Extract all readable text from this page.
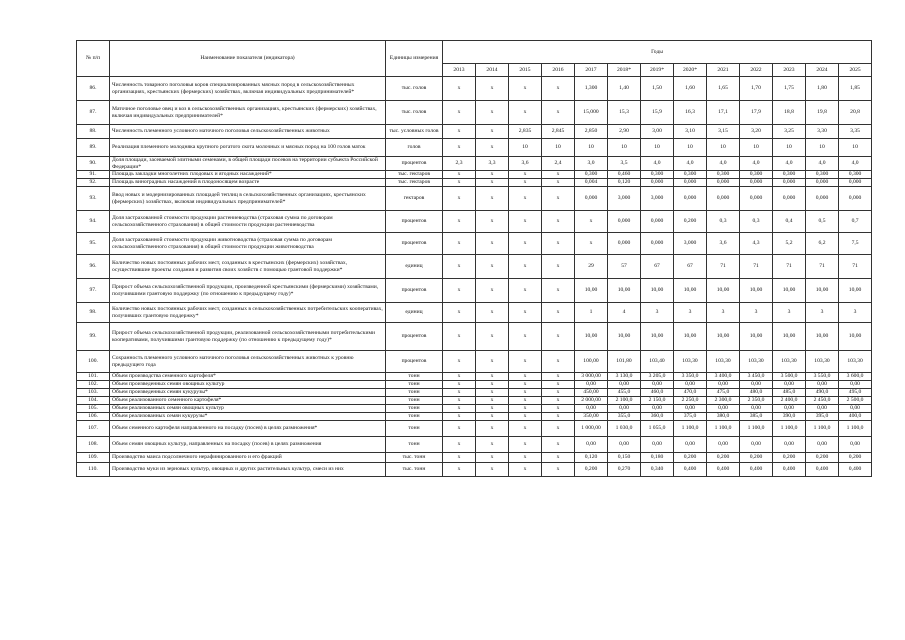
№ п/п	Наименование показателя (индикатора)	Единицы измерения	Годы												
			2013	2014	2015	2016	2017	2018*	2019*	2020*	2021	2022	2023	2024	2025
86.	Численность товарного поголовья коров специализированных мясных пород в сельскохозяйственных организациях, крестьянских (фермерских) хозяйствах, включая индивидуальных предпринимателей*	тыс. голов	х	х	х	х	1,300	1,40	1,50	1,60	1,65	1,70	1,75	1,80	1,85
87.	Маточное поголовье овец и коз в сельскохозяйственных организациях, крестьянских (фермерских) хозяйствах, включая индивидуальных предпринимателей*	тыс. голов	х	х	х	х	15,000	15,3	15,9	16,3	17,1	17,9	18,8	19,8	20,8
88.	Численность племенного условного маточного поголовья сельскохозяйственных животных	тыс. условных голов	х	х	2,835	2,845	2,850	2,90	3,00	3,10	3,15	3,20	3,25	3,30	3,35
89.	Реализация племенного молодняка крупного рогатого скота молочных и мясных пород на 100 голов маток	голов	х	х	10	10	10	10	10	10	10	10	10	10	10
90.	Доля площади, засеваемой элитными семенами, в общей площади посевов на территории субъекта Российской Федерации*	процентов	2,3	3,3	3,6	2,4	3,0	3,5	4,0	4,0	4,0	4,0	4,0	4,0	4,0
91.	Площадь закладки многолетних плодовых и ягодных насаждений*	тыс. гектаров	х	х	х	х	0,300	0,460	0,300	0,300	0,300	0,300	0,300	0,300	0,300
92.	Площадь виноградных насаждений в плодоносящем возрасте	тыс. гектаров	х	х	х	х	0,004	0,120	0,000	0,000	0,000	0,000	0,000	0,000	0,000
93.	Ввод новых и модернизированных площадей теплиц в сельскохозяйственных организациях, крестьянских (фермерских) хозяйствах, включая индивидуальных предпринимателей*	гектаров	х	х	х	х	0,000	3,000	3,000	0,000	0,000	0,000	0,000	0,000	0,000
94.	Доля застрахованной стоимости продукции растениеводства (страховая сумма по договорам сельскохозяйственного страхования) в общей стоимости продукции растениеводства	процентов	х	х	х	х	х	0,000	0,000	0,200	0,3	0,3	0,4	0,5	0,7
95.	Доля застрахованной стоимости продукции животноводства (страховая сумма по договорам сельскохозяйственного страхования) в общей стоимости продукции животноводства	процентов	х	х	х	х	х	0,000	0,000	3,000	3,6	4,3	5,2	6,2	7,5
96.	Количество новых постоянных рабочих мест, созданных в крестьянских (фермерских) хозяйствах, осуществившие проекты создания и развития своих хозяйств с помощью грантовой поддержки*	единиц	х	х	х	х	29	57	67	67	71	71	71	71	71
97.	Прирост объема сельскохозяйственной продукции, произведенной крестьянскими (фермерскими) хозяйствами, получившими грантовую поддержку (по отношению к предыдущему году)*	процентов	х	х	х	х	10,00	10,00	10,00	10,00	10,00	10,00	10,00	10,00	10,00
98.	Количество новых постоянных рабочих мест, созданных в сельскохозяйственных потребительских кооперативах, получивших грантовую поддержку*	единиц	х	х	х	х	1	4	3	3	3	3	3	3	3
99.	Прирост объема сельскохозяйственной продукции, реализованной сельскохозяйственными потребительскими кооперативами, получившими грантовую поддержку (по отношению к предыдущему году)*	процентов	х	х	х	х	10,00	10,00	10,00	10,00	10,00	10,00	10,00	10,00	10,00
100.	Сохранность племенного условного маточного поголовья сельскохозяйственных животных к уровню предыдущего года	процентов	х	х	х	х	100,00	101,80	103,40	103,30	103,30	103,30	103,30	103,30	103,30
101.	Объем производства семенного картофеля*	тонн	х	х	х	х	3 000,00	3 130,0	3 205,0	3 350,0	3 400,0	3 450,0	3 500,0	3 550,0	3 600,0
102.	Объем произведенных семян овощных культур	тонн	х	х	х	х	0,00	0,00	0,00	0,00	0,00	0,00	0,00	0,00	0,00
103.	Объем произведенных семян кукурузы*	тонн	х	х	х	х	450,00	455,0	460,0	470,0	475,0	480,0	485,0	490,0	495,0
104.	Объем реализованного семенного картофеля*	тонн	х	х	х	х	2 000,00	2 100,0	2 150,0	2 250,0	2 300,0	2 350,0	2 400,0	2 450,0	2 500,0
105.	Объем реализованных семян овощных культур	тонн	х	х	х	х	0,00	0,00	0,00	0,00	0,00	0,00	0,00	0,00	0,00
106.	Объем реализованных семян кукурузы*	тонн	х	х	х	х	350,00	355,0	360,0	375,0	380,0	385,0	390,0	395,0	400,0
107.	Объем семенного картофеля направленного на посадку (посев) в целях размножения*	тонн	х	х	х	х	1 000,00	1 030,0	1 055,0	1 100,0	1 100,0	1 100,0	1 100,0	1 100,0	1 100,0
108.	Объем семян овощных культур, направленных на посадку (посев) в целях размножения	тонн	х	х	х	х	0,00	0,00	0,00	0,00	0,00	0,00	0,00	0,00	0,00
109.	Производство маиса подсолнечного нерафинированного и его фракций	тыс. тонн	х	х	х	х	0,120	0,150	0,180	0,200	0,200	0,200	0,200	0,200	0,200
110.	Производство муки из зерновых культур, овощных и других растительных культур, смеси из них	тыс. тонн	х	х	х	х	0,200	0,270	0,340	0,400	0,400	0,400	0,400	0,400	0,400
